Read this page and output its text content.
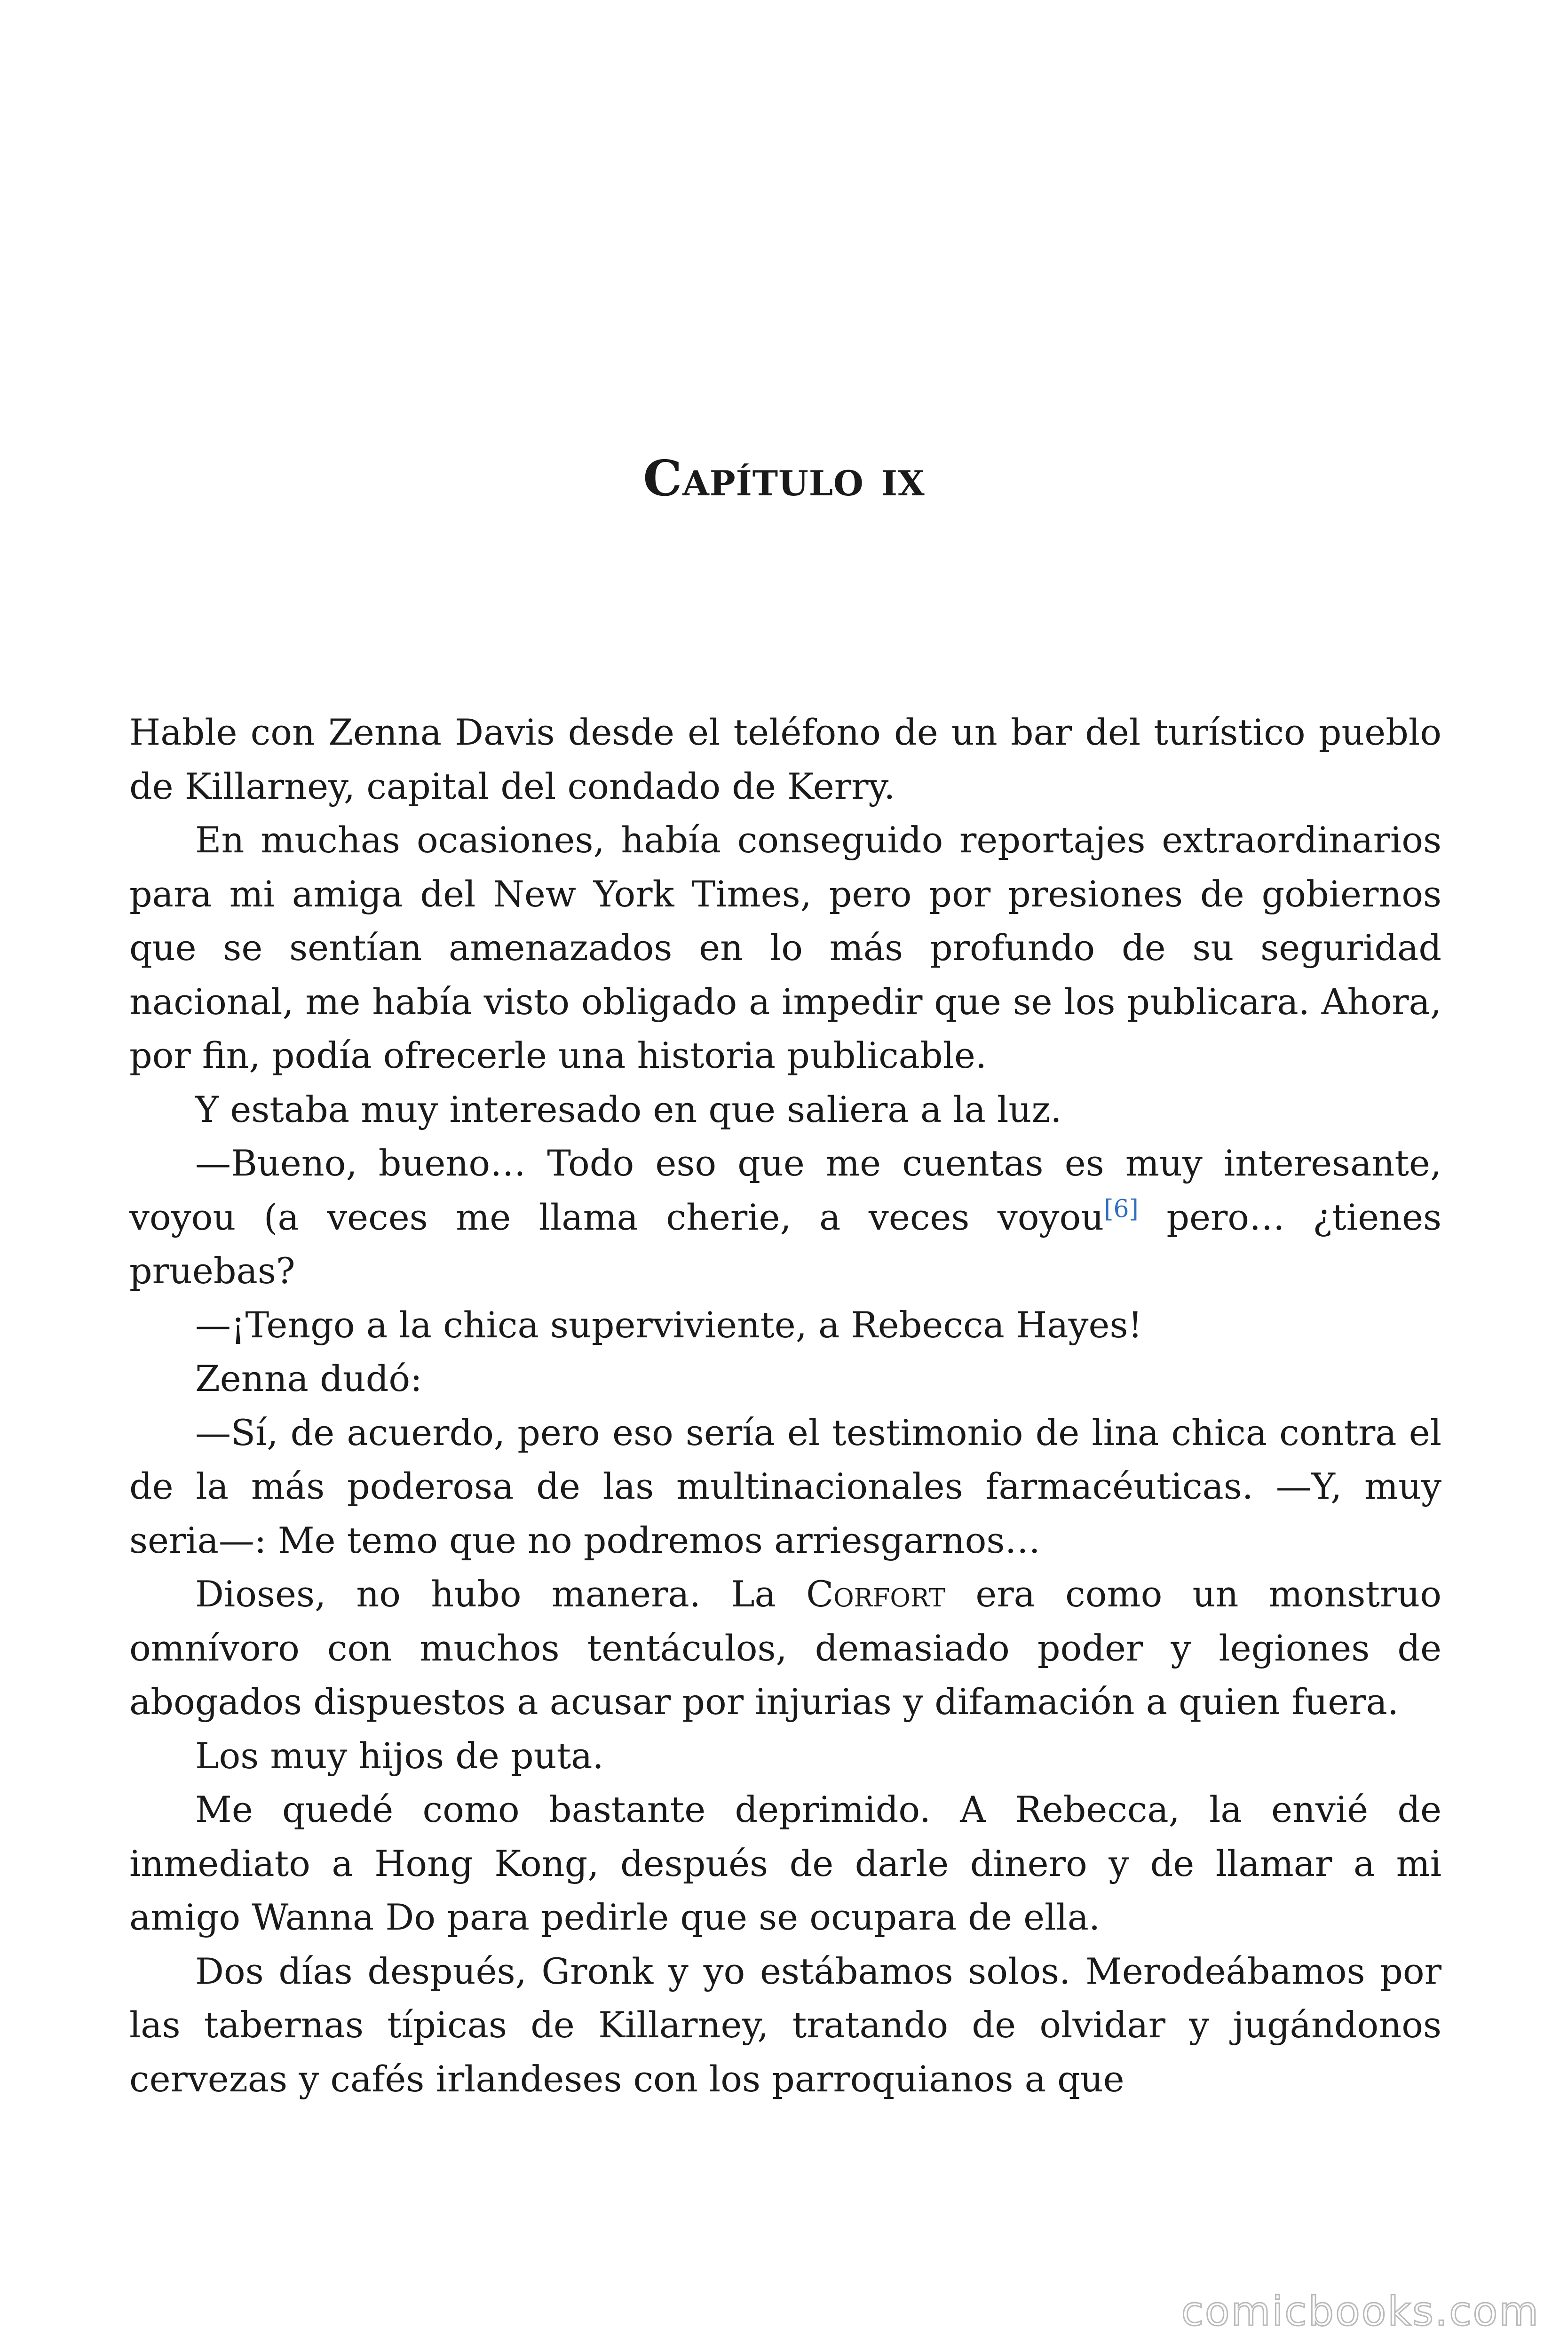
Capítulo ix

Hable con Zenna Davis desde el teléfono de un bar del turístico pueblo de Killarney, capital del condado de Kerry.

En muchas ocasiones, había conseguido reportajes extraordinarios para mi amiga del New York Times, pero por presiones de gobiernos que se sentían amenazados en lo más profundo de su seguridad nacional, me había visto obligado a impedir que se los publicara. Ahora, por fin, podía ofrecerle una historia publicable.

Y estaba muy interesado en que saliera a la luz.

—Bueno, bueno… Todo eso que me cuentas es muy interesante, voyou (a veces me llama cherie, a veces voyou[6] pero… ¿tienes pruebas?

—¡Tengo a la chica superviviente, a Rebecca Hayes!

Zenna dudó:

—Sí, de acuerdo, pero eso sería el testimonio de lina chica contra el de la más poderosa de las multinacionales farmacéuticas. —Y, muy seria—: Me temo que no podremos arriesgarnos…

Dioses, no hubo manera. La Corfort era como un monstruo omnívoro con muchos tentáculos, demasiado poder y legiones de abogados dispuestos a acusar por injurias y difamación a quien fuera.

Los muy hijos de puta.

Me quedé como bastante deprimido. A Rebecca, la envié de inmediato a Hong Kong, después de darle dinero y de llamar a mi amigo Wanna Do para pedirle que se ocupara de ella.

Dos días después, Gronk y yo estábamos solos. Merodeábamos por las tabernas típicas de Killarney, tratando de olvidar y jugándonos cervezas y cafés irlandeses con los parroquianos a que

comicbooks.com
